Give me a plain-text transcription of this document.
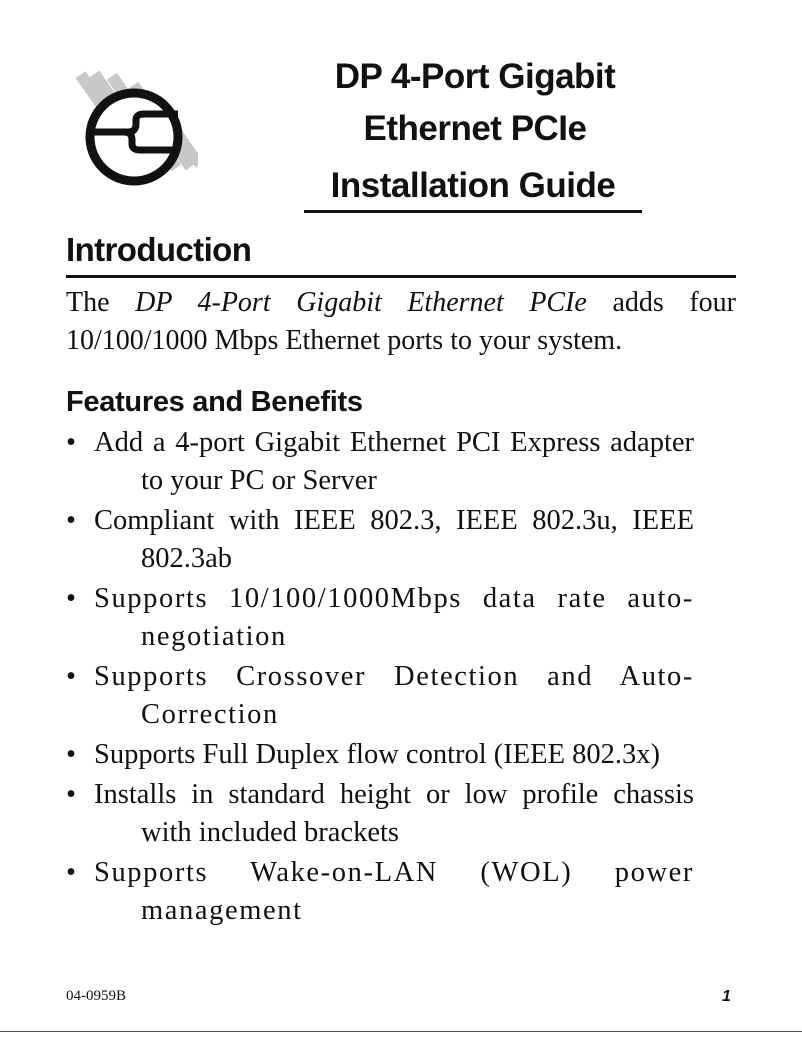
DP 4-Port Gigabit
Ethernet PCIe
Installation Guide
Introduction

The DP 4-Port Gigabit Ethernet PCIe adds four 10/100/1000 Mbps Ethernet ports to your system.

Features and Benefits
• Add a 4-port Gigabit Ethernet PCI Express adapter to your PC or Server
• Compliant with IEEE 802.3, IEEE 802.3u, IEEE 802.3ab
• Supports 10/100/1000Mbps data rate auto-negotiation
• Supports Crossover Detection and Auto-Correction
• Supports Full Duplex flow control (IEEE 802.3x)
• Installs in standard height or low profile chassis with included brackets
• Supports Wake-on-LAN (WOL) power management
04-0959B	1
